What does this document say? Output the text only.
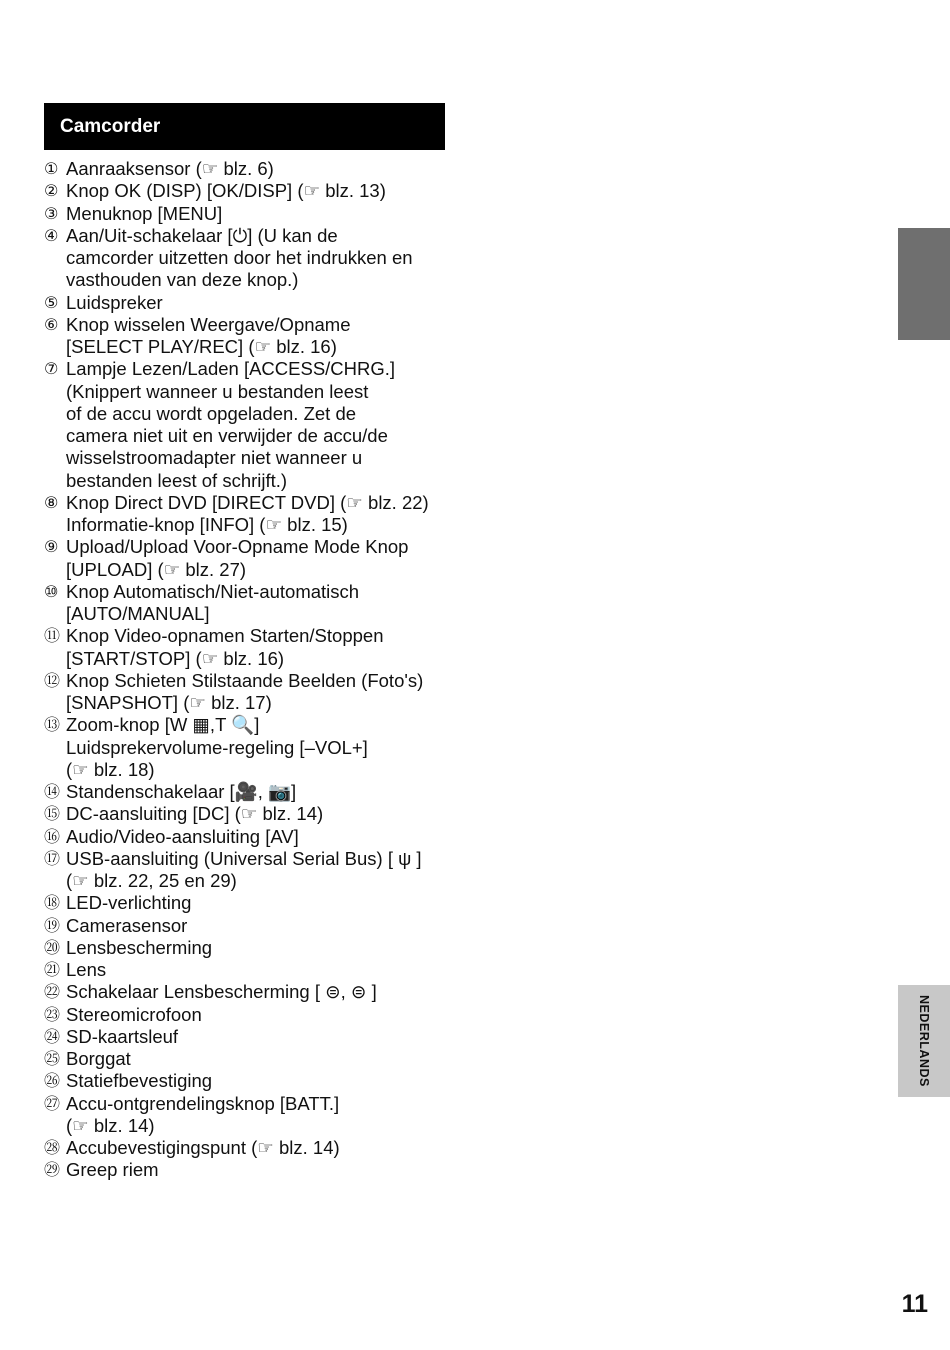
Camcorder
① Aanraaksensor (☞ blz. 6)
② Knop OK (DISP) [OK/DISP] (☞ blz. 13)
③ Menuknop [MENU]
④ Aan/Uit-schakelaar [⏻] (U kan de
camcorder uitzetten door het indrukken en
vasthouden van deze knop.)
⑤ Luidspreker
⑥ Knop wisselen Weergave/Opname
[SELECT PLAY/REC] (☞ blz. 16)
⑦ Lampje Lezen/Laden [ACCESS/CHRG.]
(Knippert wanneer u bestanden leest
of de accu wordt opgeladen. Zet de
camera niet uit en verwijder de accu/de
wisselstroomadapter niet wanneer u
bestanden leest of schrijft.)
⑧ Knop Direct DVD [DIRECT DVD] (☞ blz. 22)
Informatie-knop [INFO] (☞ blz. 15)
⑨ Upload/Upload Voor-Opname Mode Knop
[UPLOAD] (☞ blz. 27)
⑩ Knop Automatisch/Niet-automatisch
[AUTO/MANUAL]
⑪ Knop Video-opnamen Starten/Stoppen
[START/STOP] (☞ blz. 16)
⑫ Knop Schieten Stilstaande Beelden (Foto's)
[SNAPSHOT] (☞ blz. 17)
⑬ Zoom-knop [W ▦,T 🔍]
Luidsprekervolume-regeling [–VOL+]
(☞ blz. 18)
⑭ Standenschakelaar [🎥, 📷]
⑮ DC-aansluiting [DC] (☞ blz. 14)
⑯ Audio/Video-aansluiting [AV]
⑰ USB-aansluiting (Universal Serial Bus) [ ψ ]
(☞ blz. 22, 25 en 29)
⑱ LED-verlichting
⑲ Camerasensor
⑳ Lensbescherming
㉑ Lens
㉒ Schakelaar Lensbescherming [ ⊜, ⊜ ]
㉓ Stereomicrofoon
㉔ SD-kaartsleuf
㉕ Borggat
㉖ Statiefbevestiging
㉗ Accu-ontgrendelingsknop [BATT.]
(☞ blz. 14)
㉘ Accubevestigingspunt (☞ blz. 14)
㉙ Greep riem
NEDERLANDS
11
